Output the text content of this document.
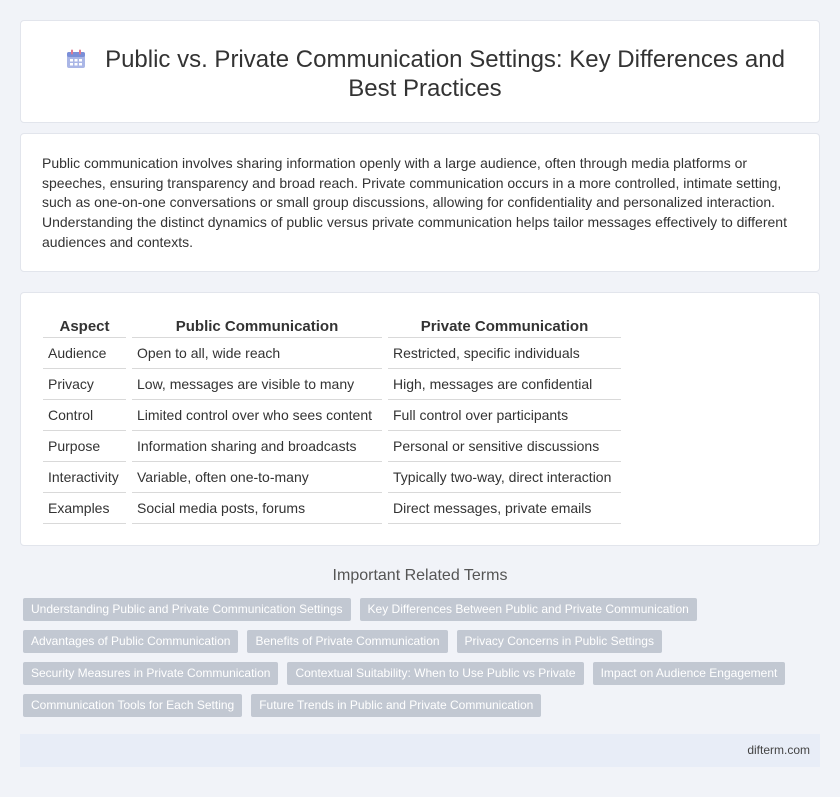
Public vs. Private Communication Settings: Key Differences and Best Practices

Public communication involves sharing information openly with a large audience, often through media platforms or speeches, ensuring transparency and broad reach. Private communication occurs in a more controlled, intimate setting, such as one-on-one conversations or small group discussions, allowing for confidentiality and personalized interaction. Understanding the distinct dynamics of public versus private communication helps tailor messages effectively to different audiences and contexts.

Aspect	Public Communication	Private Communication
Audience	Open to all, wide reach	Restricted, specific individuals
Privacy	Low, messages are visible to many	High, messages are confidential
Control	Limited control over who sees content	Full control over participants
Purpose	Information sharing and broadcasts	Personal or sensitive discussions
Interactivity	Variable, often one-to-many	Typically two-way, direct interaction
Examples	Social media posts, forums	Direct messages, private emails
Important Related Terms
Understanding Public and Private Communication Settings	Key Differences Between Public and Private Communication
Advantages of Public Communication	Benefits of Private Communication	Privacy Concerns in Public Settings
Security Measures in Private Communication	Contextual Suitability: When to Use Public vs Private	Impact on Audience Engagement
Communication Tools for Each Setting	Future Trends in Public and Private Communication
difterm.com
